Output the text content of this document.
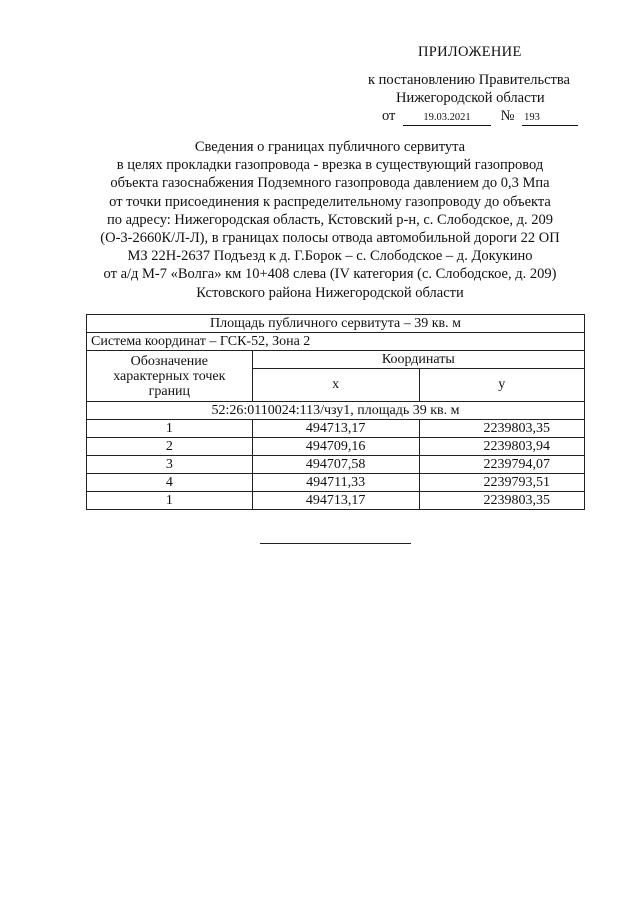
ПРИЛОЖЕНИЕ
к постановлению Правительства
Нижегородской области
от	19.03.2021 № 193
Сведения о границах публичного сервитута
в целях прокладки газопровода - врезка в существующий газопровод
объекта газоснабжения Подземного газопровода давлением до 0,3 Мпа
от точки присоединения к распределительному газопроводу до объекта
по адресу: Нижегородская область, Кстовский р-н, с. Слободское, д. 209
(О-3-2660К/Л-Л), в границах полосы отвода автомобильной дороги 22 ОП
МЗ 22Н-2637 Подъезд к д. Г.Борок – с. Слободское – д. Докукино
от а/д М-7 «Волга» км 10+408 слева (IV категория (с. Слободское, д. 209)
Кстовского района Нижегородской области
Площадь публичного сервитута – 39 кв. м		
Система координат – ГСК-52, Зона 2		
Обозначение характерных точек границ	Координаты	
	x	y
52:26:0110024:113/чзу1, площадь 39 кв. м		
1	494713,17	2239803,35
2	494709,16	2239803,94
3	494707,58	2239794,07
4	494711,33	2239793,51
1	494713,17	2239803,35
